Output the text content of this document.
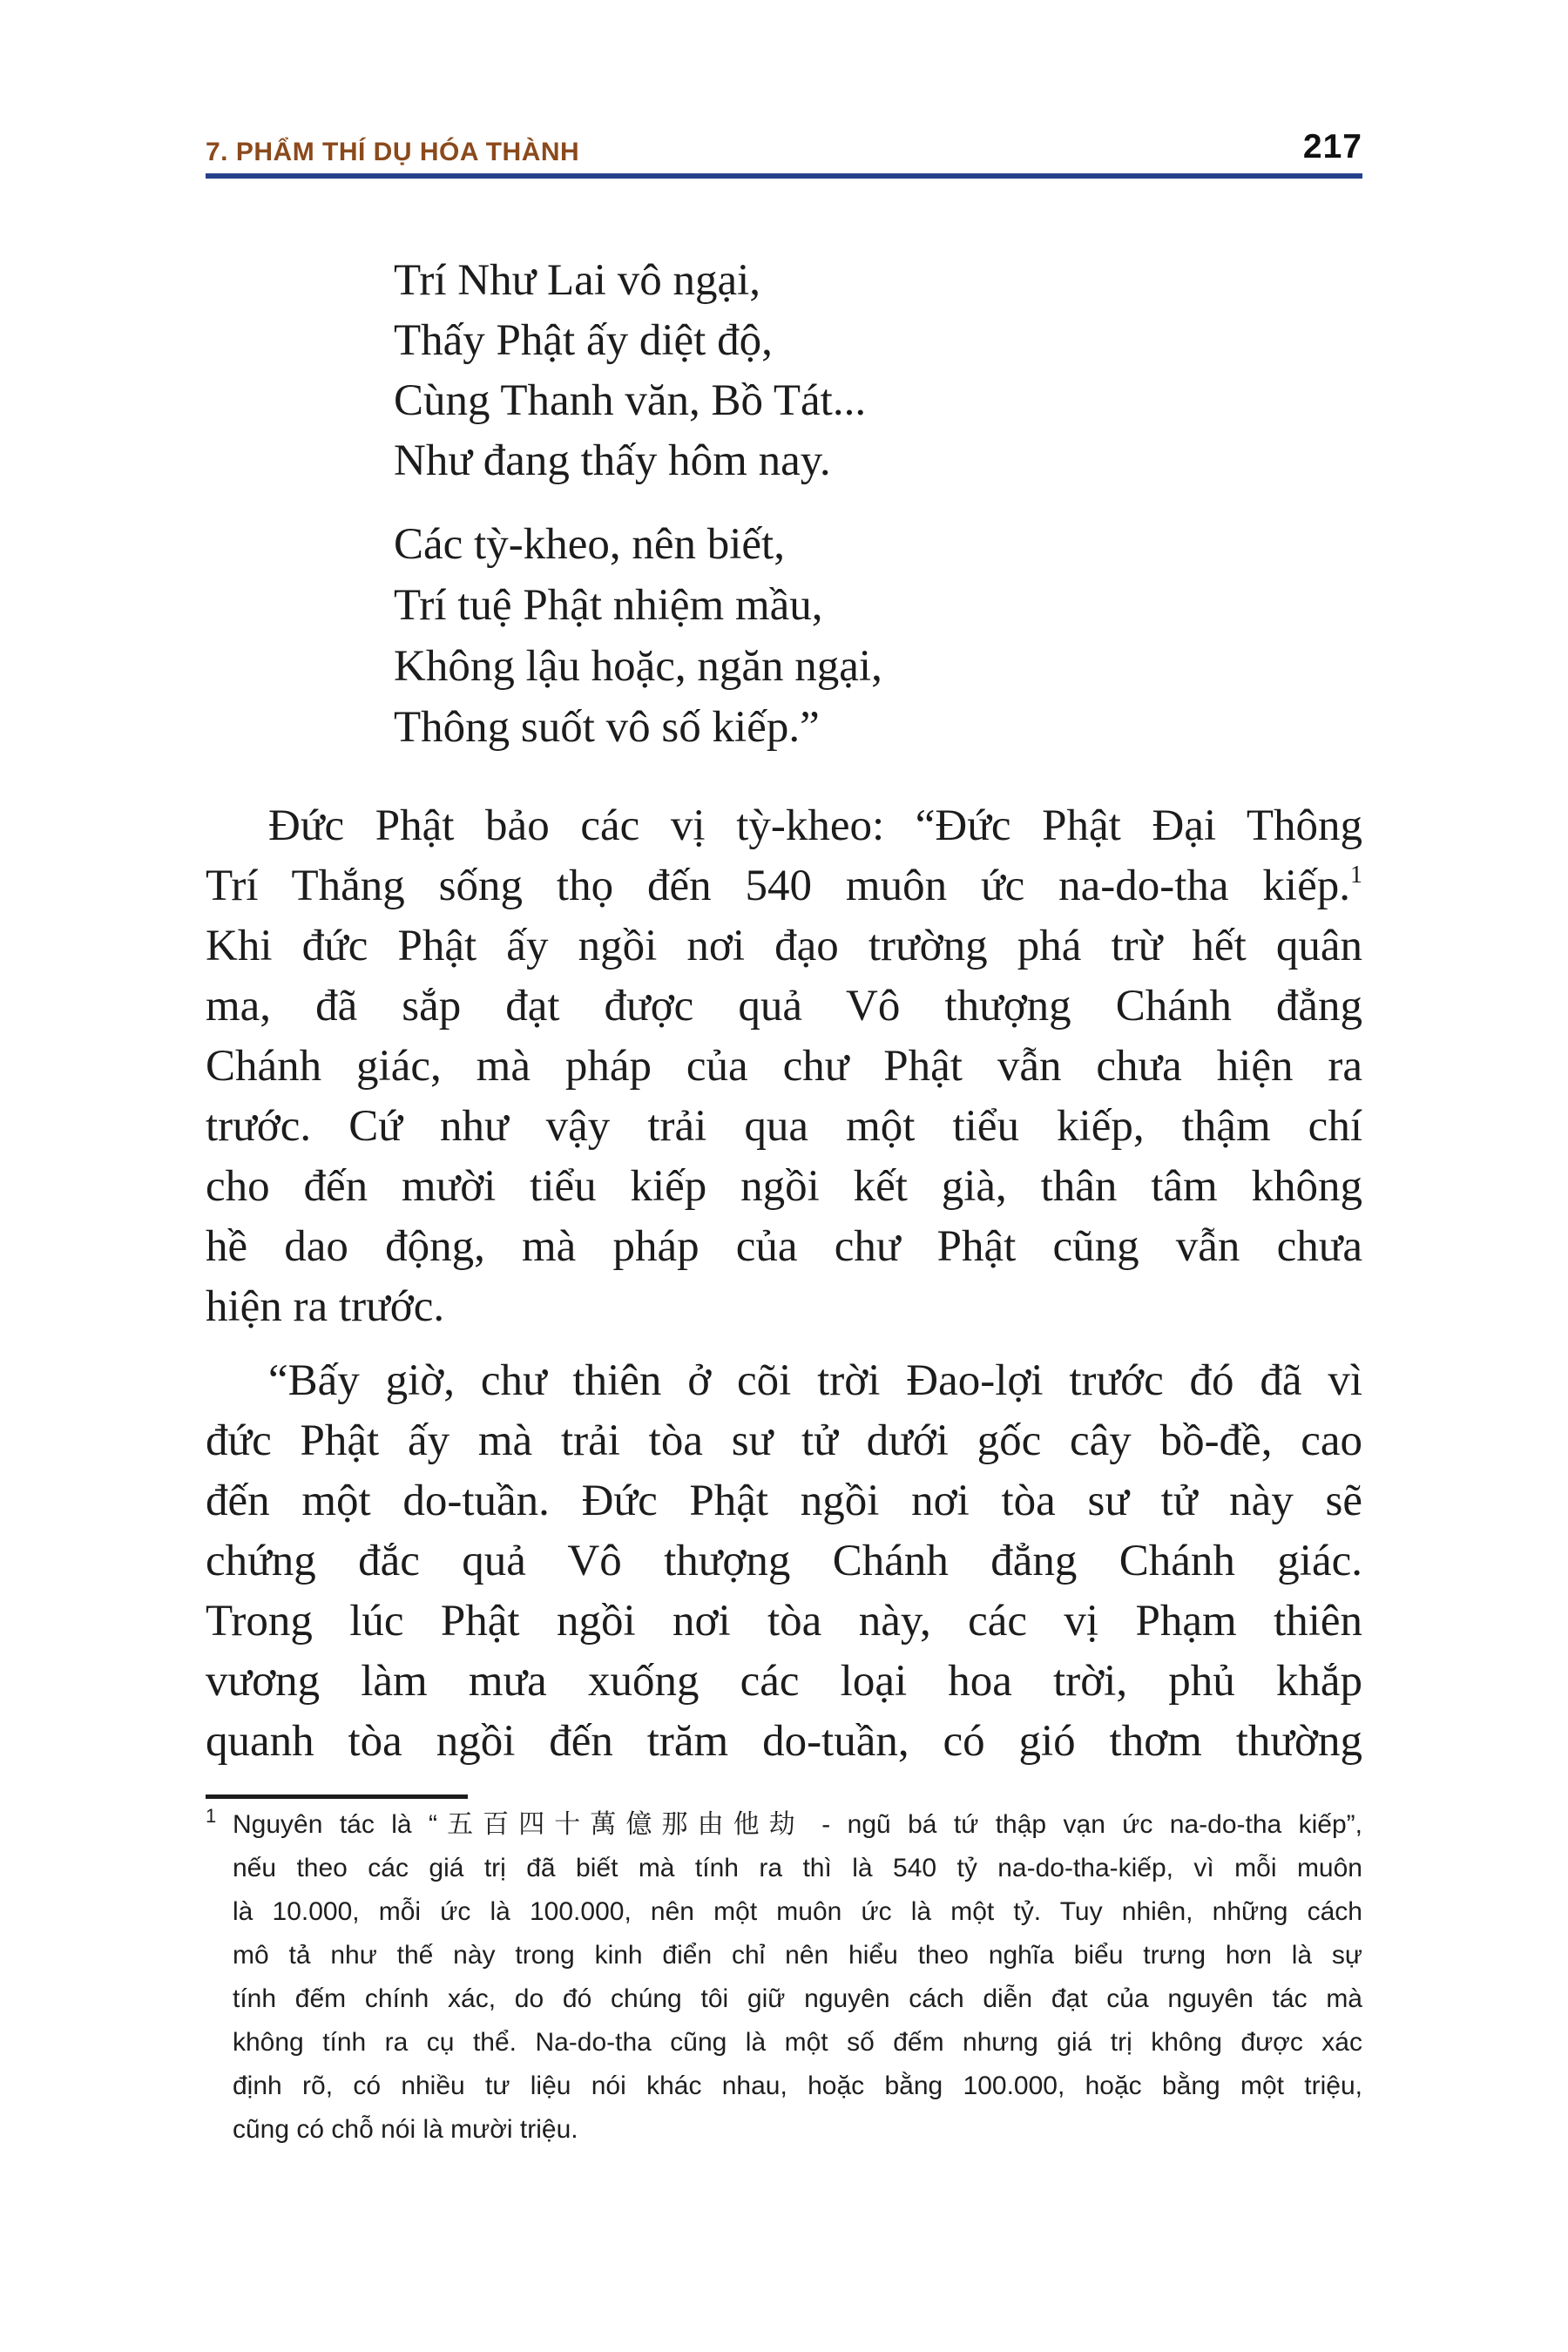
7. PHẨM THÍ DỤ HÓA THÀNH	217
Trí Như Lai vô ngại,
Thấy Phật ấy diệt độ,
Cùng Thanh văn, Bồ Tát...
Như đang thấy hôm nay.
Các tỳ-kheo, nên biết,
Trí tuệ Phật nhiệm mầu,
Không lậu hoặc, ngăn ngại,
Thông suốt vô số kiếp.”
Đức Phật bảo các vị tỳ-kheo: “Đức Phật Đại Thông
Trí Thắng sống thọ đến 540 muôn ức na-do-tha kiếp.$^1$
Khi đức Phật ấy ngồi nơi đạo trường phá trừ hết quân
ma, đã sắp đạt được quả Vô thượng Chánh đẳng
Chánh giác, mà pháp của chư Phật vẫn chưa hiện ra
trước. Cứ như vậy trải qua một tiểu kiếp, thậm chí
cho đến mười tiểu kiếp ngồi kết già, thân tâm không
hề dao động, mà pháp của chư Phật cũng vẫn chưa
hiện ra trước.
“Bấy giờ, chư thiên ở cõi trời Đao-lợi trước đó đã vì
đức Phật ấy mà trải tòa sư tử dưới gốc cây bồ-đề, cao
đến một do-tuần. Đức Phật ngồi nơi tòa sư tử này sẽ
chứng đắc quả Vô thượng Chánh đẳng Chánh giác.
Trong lúc Phật ngồi nơi tòa này, các vị Phạm thiên
vương làm mưa xuống các loại hoa trời, phủ khắp
quanh tòa ngồi đến trăm do-tuần, có gió thơm thường
1 Nguyên tác là “五百四十萬億那由他劫 - ngũ bá tứ thập vạn ức na-do-tha kiếp”,
nếu theo các giá trị đã biết mà tính ra thì là 540 tỷ na-do-tha-kiếp, vì mỗi muôn
là 10.000, mỗi ức là 100.000, nên một muôn ức là một tỷ. Tuy nhiên, những cách
mô tả như thế này trong kinh điển chỉ nên hiểu theo nghĩa biểu trưng hơn là sự
tính đếm chính xác, do đó chúng tôi giữ nguyên cách diễn đạt của nguyên tác mà
không tính ra cụ thể. Na-do-tha cũng là một số đếm nhưng giá trị không được xác
định rõ, có nhiều tư liệu nói khác nhau, hoặc bằng 100.000, hoặc bằng một triệu,
cũng có chỗ nói là mười triệu.
